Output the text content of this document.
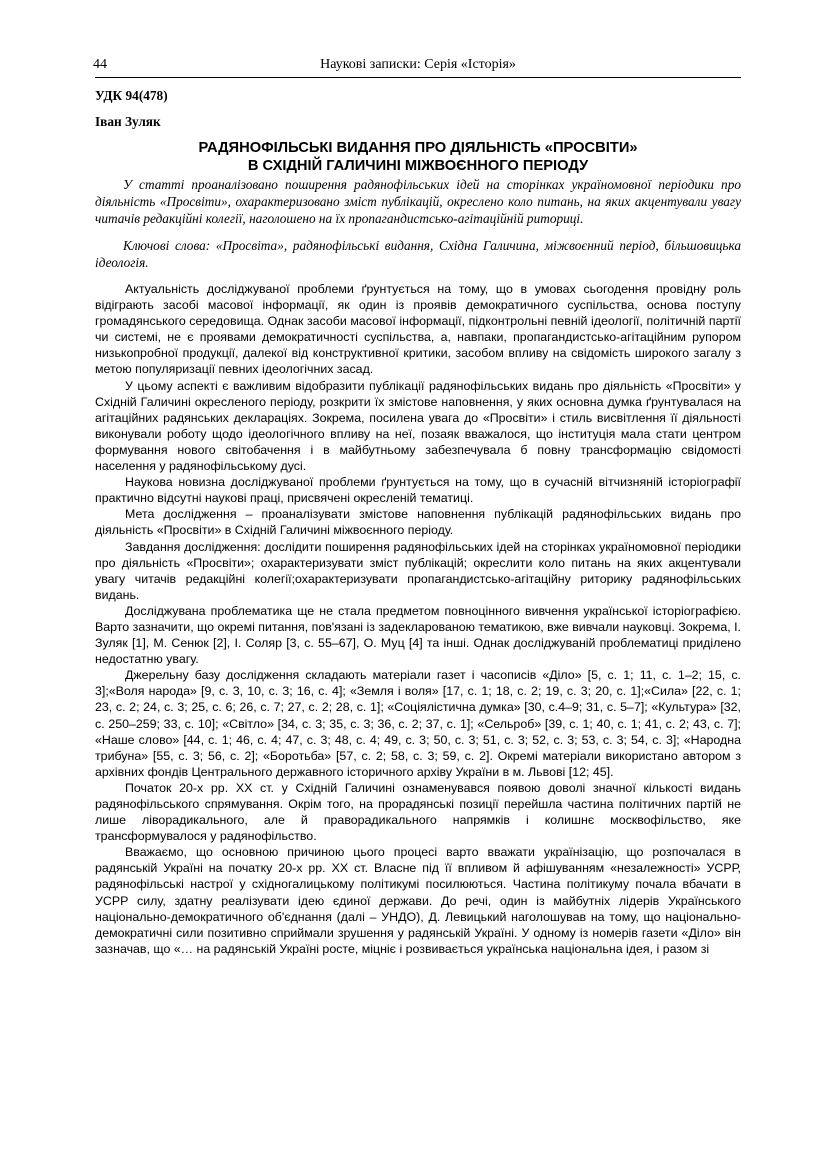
44	Наукові записки: Серія «Історія»
УДК 94(478)
Іван Зуляк

РАДЯНОФІЛЬСЬКІ ВИДАННЯ ПРО ДІЯЛЬНІСТЬ «ПРОСВІТИ»

В СХІДНІЙ ГАЛИЧИНІ МІЖВОЄННОГО ПЕРІОДУ

У статті проаналізовано поширення радянофільських ідей на сторінках україномовної періодики про діяльність «Просвіти», охарактеризовано зміст публікацій, окреслено коло питань, на яких акцентували увагу читачів редакційні колегії, наголошено на їх пропагандистсько-агітаційній риториці.

Ключові слова: «Просвіта», радянофільські видання, Східна Галичина, міжвоєнний період, більшовицька ідеологія.

Актуальність досліджуваної проблеми ґрунтується на тому, що в умовах сьогодення провідну роль відіграють засобі масової інформації, як один із проявів демократичного суспільства, основа поступу громадянського середовища. Однак засоби масової інформації, підконтрольні певній ідеології, політичній партії чи системі, не є проявами демократичності суспільства, а, навпаки, пропагандистсько-агітаційним рупором низькопробної продукції, далекої від конструктивної критики, засобом впливу на свідомість широкого загалу з метою популяризації певних ідеологічних засад.

У цьому аспекті є важливим відобразити публікації радянофільських видань про діяльність «Просвіти» у Східній Галичині окресленого періоду, розкрити їх змістове наповнення, у яких основна думка ґрунтувалася на агітаційних радянських деклараціях. Зокрема, посилена увага до «Просвіти» і стиль висвітлення її діяльності виконували роботу щодо ідеологічного впливу на неї, позаяк вважалося, що інституція мала стати центром формування нового світобачення і в майбутньому забезпечувала б повну трансформацію свідомості населення у радянофільському дусі.

Наукова новизна досліджуваної проблеми ґрунтується на тому, що в сучасній вітчизняній історіографії практично відсутні наукові праці, присвячені окресленій тематиці.

Мета дослідження – проаналізувати змістове наповнення публікацій радянофільських видань про діяльність «Просвіти» в Східній Галичині міжвоєнного періоду.

Завдання дослідження: дослідити поширення радянофільських ідей на сторінках україномовної періодики про діяльність «Просвіти»; охарактеризувати зміст публікацій; окреслити коло питань на яких акцентували увагу читачів редакційні колегії;охарактеризувати пропагандистсько-агітаційну риторику радянофільських видань.

Досліджувана проблематика ще не стала предметом повноцінного вивчення української історіографією. Варто зазначити, що окремі питання, пов'язані із задекларованою тематикою, вже вивчали науковці. Зокрема, І. Зуляк [1], М. Сенюк [2], І. Соляр [3, с. 55–67], О. Муц [4] та інші. Однак досліджуваній проблематиці приділено недостатню увагу.

Джерельну базу дослідження складають матеріали газет і часописів «Діло» [5, с. 1; 11, с. 1–2; 15, с. 3];«Воля народа» [9, с. 3, 10, с. 3; 16, с. 4]; «Земля і воля» [17, с. 1; 18, с. 2; 19, с. 3; 20, с. 1];«Сила» [22, с. 1; 23, с. 2; 24, с. 3; 25, с. 6; 26, с. 7; 27, с. 2; 28, с. 1]; «Соціялістична думка» [30, с.4–9; 31, с. 5–7]; «Культура» [32, с. 250–259; 33, с. 10]; «Світло» [34, с. 3; 35, с. 3; 36, с. 2; 37, с. 1]; «Сельроб» [39, с. 1; 40, с. 1; 41, с. 2; 43, с. 7]; «Наше слово» [44, с. 1; 46, с. 4; 47, с. 3; 48, с. 4; 49, с. 3; 50, с. 3; 51, с. 3; 52, с. 3; 53, с. 3; 54, с. 3]; «Народна трибуна» [55, с. 3; 56, с. 2]; «Боротьба» [57, с. 2; 58, с. 3; 59, с. 2]. Окремі матеріали використано автором з архівних фондів Центрального державного історичного архіву України в м. Львові [12; 45].

Початок 20-х рр. ХХ ст. у Східній Галичині ознаменувався появою доволі значної кількості видань радянофільського спрямування. Окрім того, на прорадянські позиції перейшла частина політичних партій не лише ліворадикального, але й праворадикального напрямків і колишнє москвофільство, яке трансформувалося у радянофільство.

Вважаємо, що основною причиною цього процесі варто вважати українізацію, що розпочалася в радянській Україні на початку 20-х рр. ХХ ст. Власне під її впливом й афішуванням «незалежності» УСРР, радянофільські настрої у східногалицькому політикумі посилюються. Частина політикуму почала вбачати в УСРР силу, здатну реалізувати ідею єдиної держави. До речі, один із майбутніх лідерів Українського національно-демократичного об'єднання (далі – УНДО), Д. Левицький наголошував на тому, що національно-демократичні сили позитивно сприймали зрушення у радянській Україні. У одному із номерів газети «Діло» він зазначав, що «… на радянській Україні росте, міцніє і розвивається українська національна ідея, і разом зі
